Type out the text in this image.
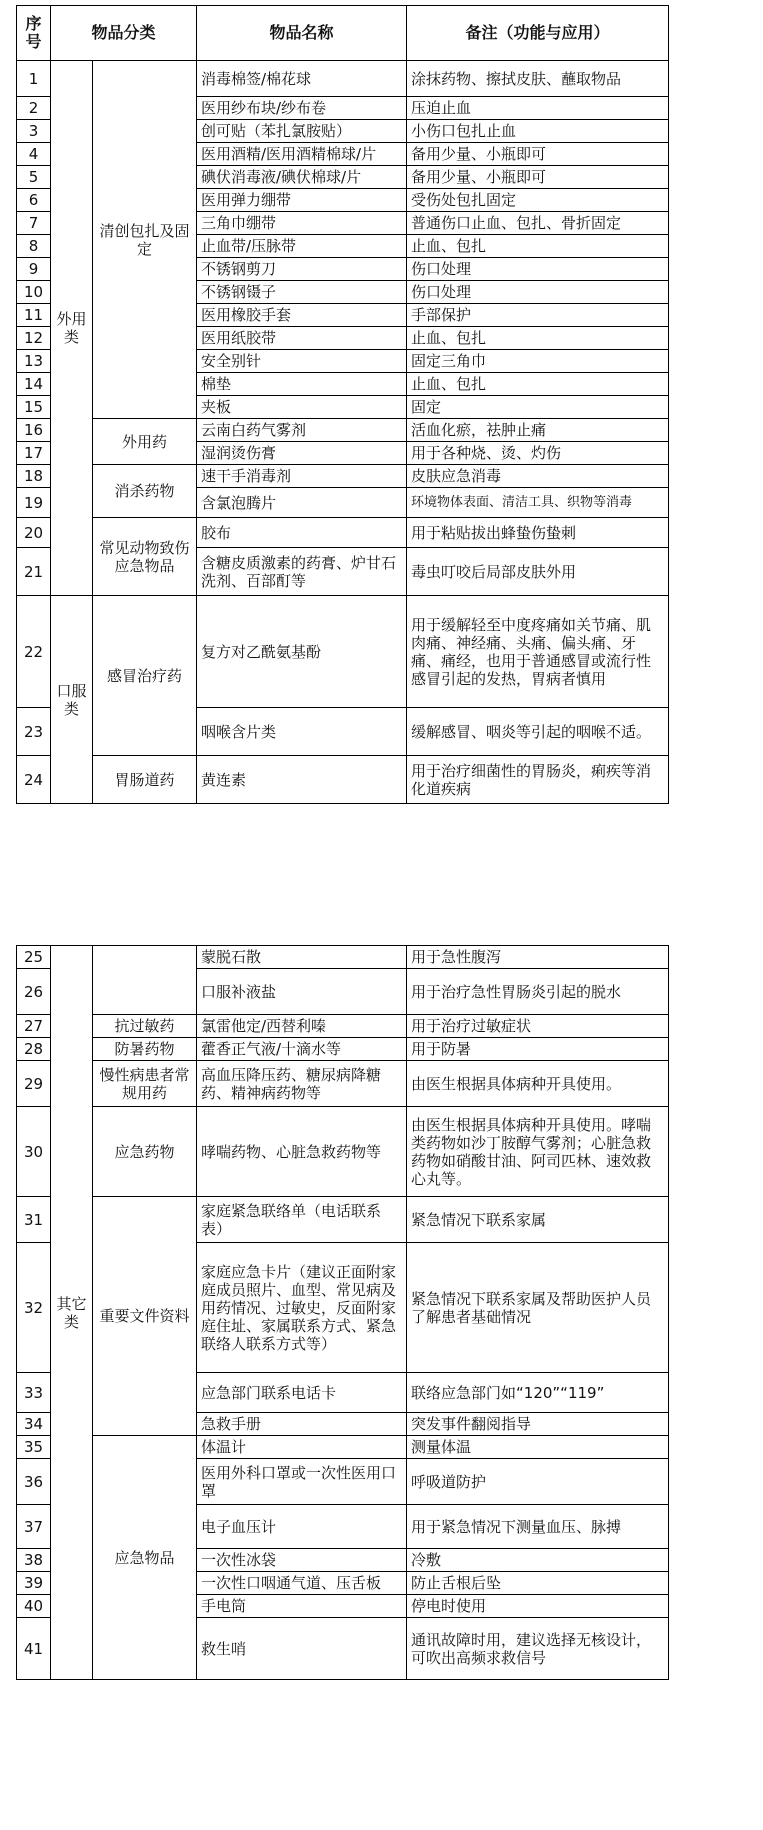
序号	物品分类		物品名称	备注（功能与应用）
1	外用类	清创包扎及固定	消毒棉签/棉花球	涂抹药物、擦拭皮肤、蘸取物品
2			医用纱布块/纱布卷	压迫止血
3			创可贴（苯扎氯胺贴）	小伤口包扎止血
4			医用酒精/医用酒精棉球/片	备用少量、小瓶即可
5			碘伏消毒液/碘伏棉球/片	备用少量、小瓶即可
6			医用弹力绷带	受伤处包扎固定
7			三角巾绷带	普通伤口止血、包扎、骨折固定
8			止血带/压脉带	止血、包扎
9			不锈钢剪刀	伤口处理
10			不锈钢镊子	伤口处理
11			医用橡胶手套	手部保护
12			医用纸胶带	止血、包扎
13			安全别针	固定三角巾
14			棉垫	止血、包扎
15			夹板	固定
16		外用药	云南白药气雾剂	活血化瘀，祛肿止痛
17			湿润烫伤膏	用于各种烧、烫、灼伤
18		消杀药物	速干手消毒剂	皮肤应急消毒
19			含氯泡腾片	环境物体表面、清洁工具、织物等消毒
20		常见动物致伤应急物品	胶布	用于粘贴拔出蜂蛰伤蛰刺
21			含糖皮质激素的药膏、炉甘石洗剂、百部酊等	毒虫叮咬后局部皮肤外用
22	口服类	感冒治疗药	复方对乙酰氨基酚	用于缓解轻至中度疼痛如关节痛、肌肉痛、神经痛、头痛、偏头痛、牙痛、痛经，也用于普通感冒或流行性感冒引起的发热，胃病者慎用
23			咽喉含片类	缓解感冒、咽炎等引起的咽喉不适。
24		胃肠道药	黄连素	用于治疗细菌性的胃肠炎，痢疾等消化道疾病
25	其它类		蒙脱石散	用于急性腹泻
26			口服补液盐	用于治疗急性胃肠炎引起的脱水
27		抗过敏药	氯雷他定/西替利嗪	用于治疗过敏症状
28		防暑药物	藿香正气液/十滴水等	用于防暑
29		慢性病患者常规用药	高血压降压药、糖尿病降糖药、精神病药物等	由医生根据具体病种开具使用。
30		应急药物	哮喘药物、心脏急救药物等	由医生根据具体病种开具使用。哮喘类药物如沙丁胺醇气雾剂；心脏急救药物如硝酸甘油、阿司匹林、速效救心丸等。
31		重要文件资料	家庭紧急联络单（电话联系表）	紧急情况下联系家属
32			家庭应急卡片（建议正面附家庭成员照片、血型、常见病及用药情况、过敏史，反面附家庭住址、家属联系方式、紧急联络人联系方式等）	紧急情况下联系家属及帮助医护人员了解患者基础情况
33			应急部门联系电话卡	联络应急部门如“120”“119”
34			急救手册	突发事件翻阅指导
35		应急物品	体温计	测量体温
36			医用外科口罩或一次性医用口罩	呼吸道防护
37			电子血压计	用于紧急情况下测量血压、脉搏
38			一次性冰袋	冷敷
39			一次性口咽通气道、压舌板	防止舌根后坠
40			手电筒	停电时使用
41			救生哨	通讯故障时用，建议选择无核设计，可吹出高频求救信号
